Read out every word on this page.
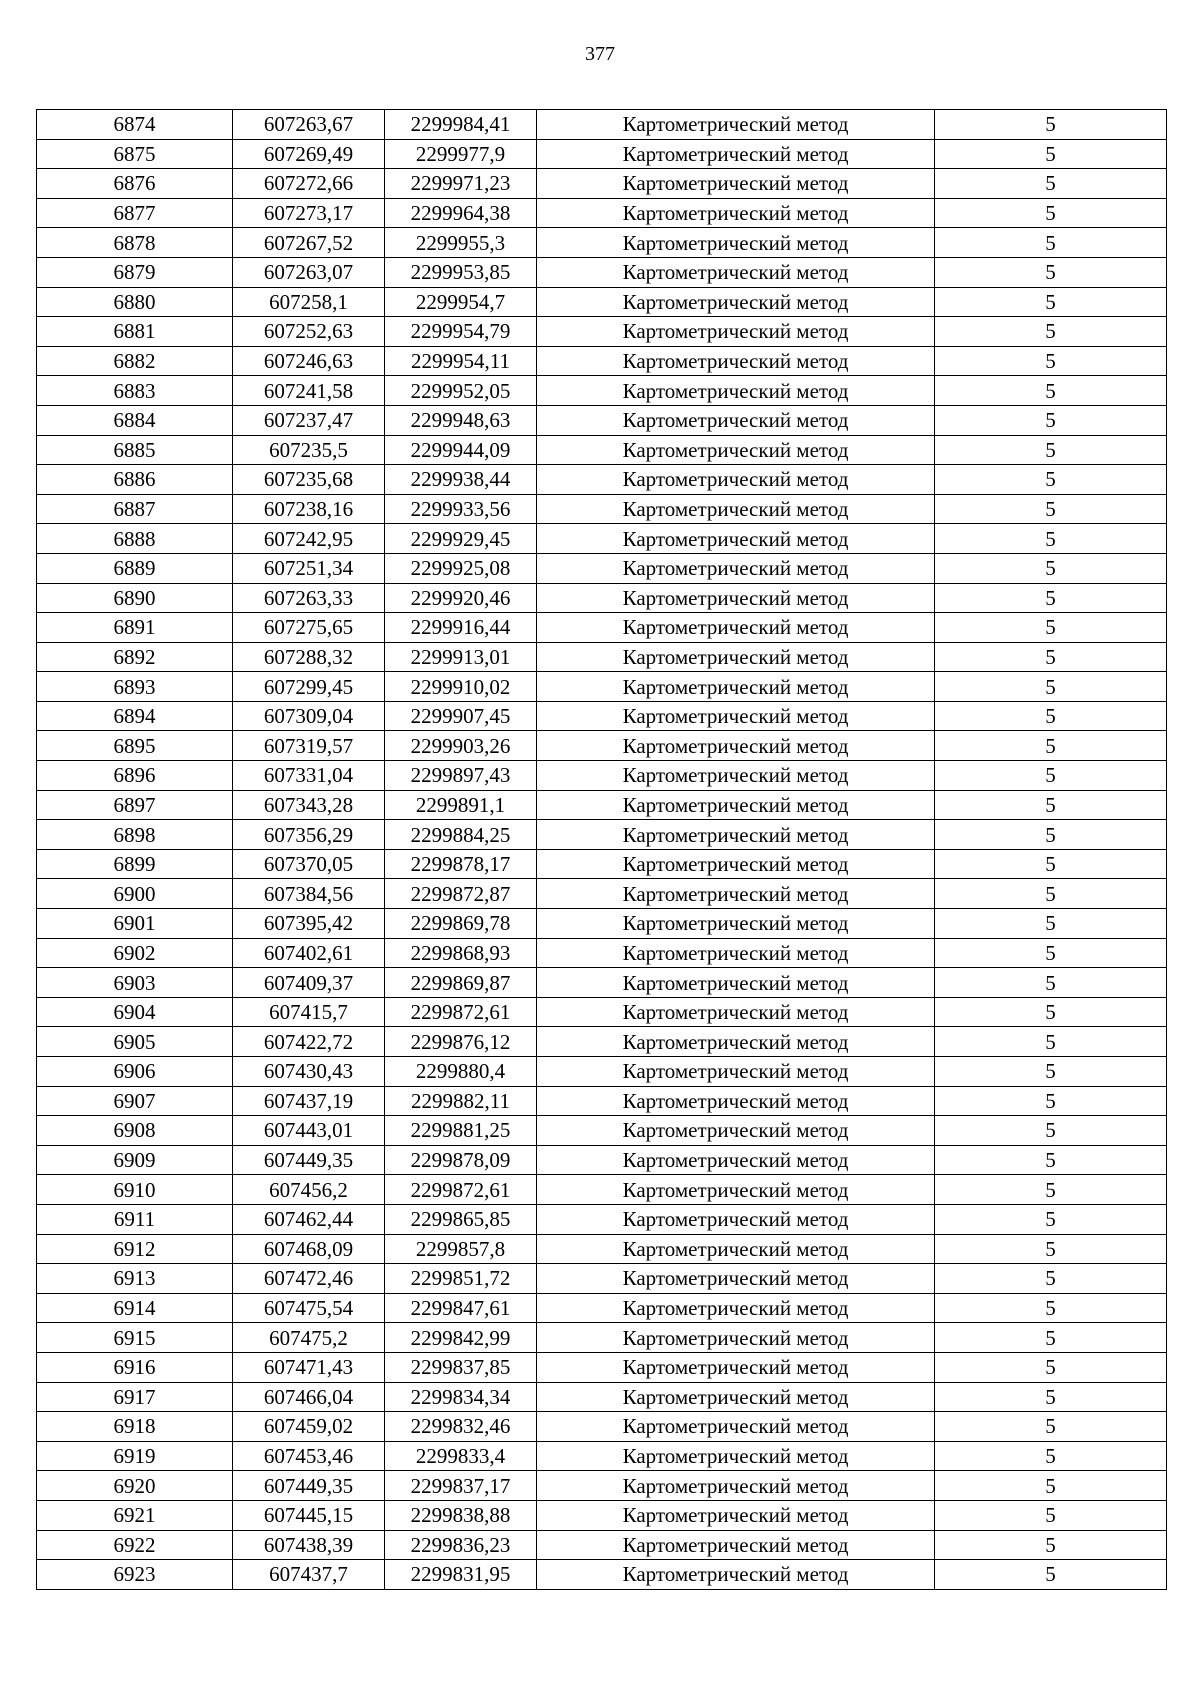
377
6874	607263,67	2299984,41	Картометрический метод	5
6875	607269,49	2299977,9	Картометрический метод	5
6876	607272,66	2299971,23	Картометрический метод	5
6877	607273,17	2299964,38	Картометрический метод	5
6878	607267,52	2299955,3	Картометрический метод	5
6879	607263,07	2299953,85	Картометрический метод	5
6880	607258,1	2299954,7	Картометрический метод	5
6881	607252,63	2299954,79	Картометрический метод	5
6882	607246,63	2299954,11	Картометрический метод	5
6883	607241,58	2299952,05	Картометрический метод	5
6884	607237,47	2299948,63	Картометрический метод	5
6885	607235,5	2299944,09	Картометрический метод	5
6886	607235,68	2299938,44	Картометрический метод	5
6887	607238,16	2299933,56	Картометрический метод	5
6888	607242,95	2299929,45	Картометрический метод	5
6889	607251,34	2299925,08	Картометрический метод	5
6890	607263,33	2299920,46	Картометрический метод	5
6891	607275,65	2299916,44	Картометрический метод	5
6892	607288,32	2299913,01	Картометрический метод	5
6893	607299,45	2299910,02	Картометрический метод	5
6894	607309,04	2299907,45	Картометрический метод	5
6895	607319,57	2299903,26	Картометрический метод	5
6896	607331,04	2299897,43	Картометрический метод	5
6897	607343,28	2299891,1	Картометрический метод	5
6898	607356,29	2299884,25	Картометрический метод	5
6899	607370,05	2299878,17	Картометрический метод	5
6900	607384,56	2299872,87	Картометрический метод	5
6901	607395,42	2299869,78	Картометрический метод	5
6902	607402,61	2299868,93	Картометрический метод	5
6903	607409,37	2299869,87	Картометрический метод	5
6904	607415,7	2299872,61	Картометрический метод	5
6905	607422,72	2299876,12	Картометрический метод	5
6906	607430,43	2299880,4	Картометрический метод	5
6907	607437,19	2299882,11	Картометрический метод	5
6908	607443,01	2299881,25	Картометрический метод	5
6909	607449,35	2299878,09	Картометрический метод	5
6910	607456,2	2299872,61	Картометрический метод	5
6911	607462,44	2299865,85	Картометрический метод	5
6912	607468,09	2299857,8	Картометрический метод	5
6913	607472,46	2299851,72	Картометрический метод	5
6914	607475,54	2299847,61	Картометрический метод	5
6915	607475,2	2299842,99	Картометрический метод	5
6916	607471,43	2299837,85	Картометрический метод	5
6917	607466,04	2299834,34	Картометрический метод	5
6918	607459,02	2299832,46	Картометрический метод	5
6919	607453,46	2299833,4	Картометрический метод	5
6920	607449,35	2299837,17	Картометрический метод	5
6921	607445,15	2299838,88	Картометрический метод	5
6922	607438,39	2299836,23	Картометрический метод	5
6923	607437,7	2299831,95	Картометрический метод	5
